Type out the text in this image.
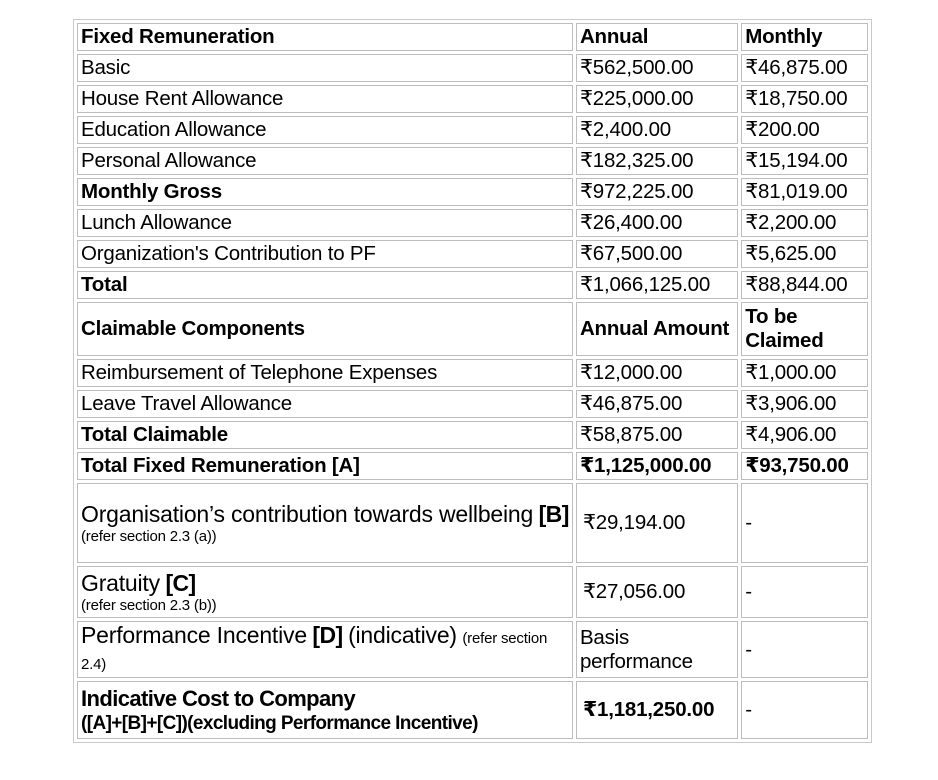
Fixed Remuneration	Annual	Monthly
Basic	₹562,500.00	₹46,875.00
House Rent Allowance	₹225,000.00	₹18,750.00
Education Allowance	₹2,400.00	₹200.00
Personal Allowance	₹182,325.00	₹15,194.00
Monthly Gross	₹972,225.00	₹81,019.00
Lunch Allowance	₹26,400.00	₹2,200.00
Organization's Contribution to PF	₹67,500.00	₹5,625.00
Total	₹1,066,125.00	₹88,844.00
Claimable Components	Annual Amount	To be Claimed
Reimbursement of Telephone Expenses	₹12,000.00	₹1,000.00
Leave Travel Allowance	₹46,875.00	₹3,906.00
Total Claimable	₹58,875.00	₹4,906.00
Total Fixed Remuneration [A]	₹1,125,000.00	₹93,750.00
Organisation’s contribution towards wellbeing [B]
(refer section 2.3 (a))	₹29,194.00	-
Gratuity [C]
(refer section 2.3 (b))	₹27,056.00	-
Performance Incentive [D] (indicative) (refer section 2.4)	Basis performance	-

Indicative Cost to Company
([A]+[B]+[C])(excluding Performance Incentive)	₹1,181,250.00	-
